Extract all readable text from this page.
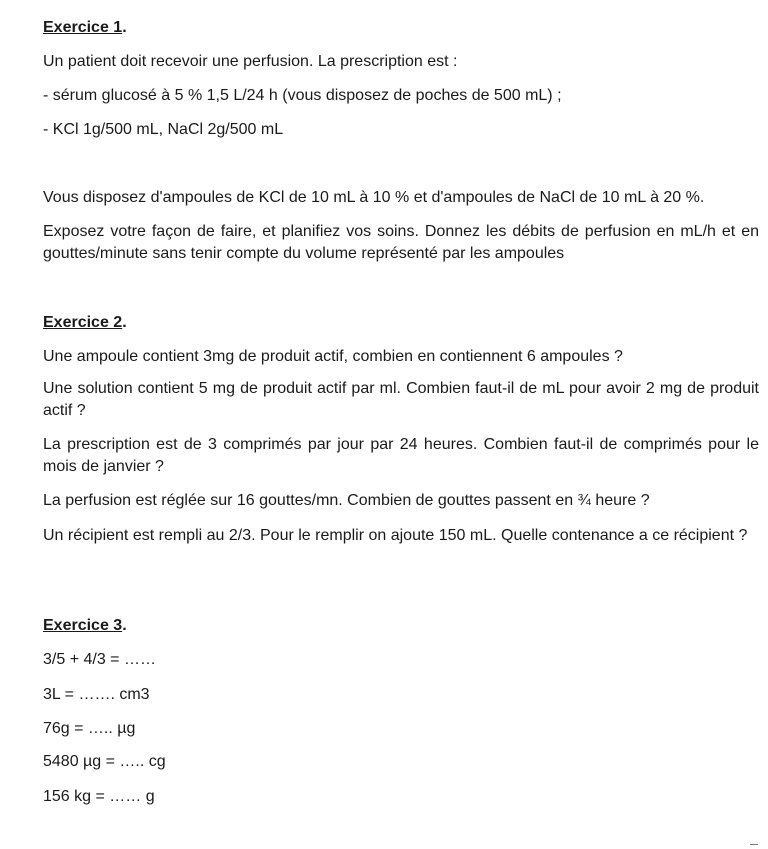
Exercice 1.
Un patient doit recevoir une perfusion. La prescription est :
- sérum glucosé à 5 % 1,5 L/24 h (vous disposez de poches de 500 mL) ;
- KCl 1g/500 mL, NaCl 2g/500 mL
Vous disposez d'ampoules de KCl de 10 mL à 10 % et d'ampoules de NaCl de 10 mL à 20 %.
Exposez votre façon de faire, et planifiez vos soins. Donnez les débits de perfusion en mL/h et en gouttes/minute sans tenir compte du volume représenté par les ampoules
Exercice 2.
Une ampoule contient 3mg de produit actif, combien en contiennent 6 ampoules ?
Une solution contient 5 mg de produit actif par ml. Combien faut-il de mL pour avoir 2 mg de produit actif ?
La prescription est de 3 comprimés par jour par 24 heures. Combien faut-il de comprimés pour le mois de janvier ?
La perfusion est réglée sur 16 gouttes/mn. Combien de gouttes passent en ¾ heure ?
Un récipient est rempli au 2/3. Pour le remplir on ajoute 150 mL. Quelle contenance a ce récipient ?
Exercice 3.
3/5 + 4/3 = ……
3L = ……. cm3
76g = ….. µg
5480 µg = ….. cg
156 kg = …… g
